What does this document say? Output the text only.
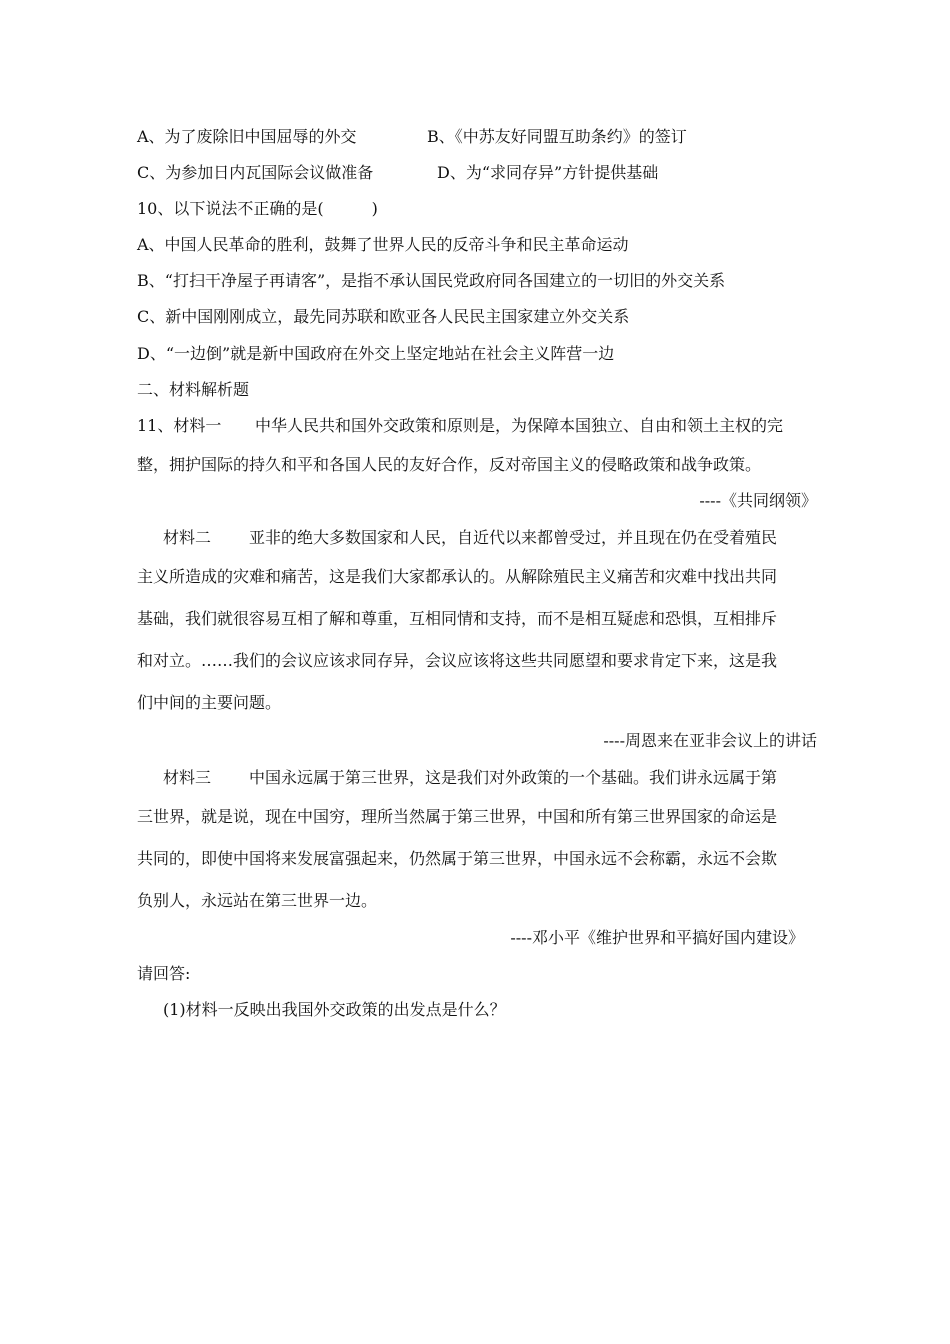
A、为了废除旧中国屈辱的外交	B、《中苏友好同盟互助条约》的签订
C、为参加日内瓦国际会议做准备	D、为“求同存异”方针提供基础
10、以下说法不正确的是(　　　)
A、中国人民革命的胜利，鼓舞了世界人民的反帝斗争和民主革命运动
B、“打扫干净屋子再请客”，是指不承认国民党政府同各国建立的一切旧的外交关系
C、新中国刚刚成立，最先同苏联和欧亚各人民民主国家建立外交关系
D、“一边倒”就是新中国政府在外交上坚定地站在社会主义阵营一边
二、材料解析题
11、材料一	中华人民共和国外交政策和原则是，为保障本国独立、自由和领土主权的完
整，拥护国际的持久和平和各国人民的友好合作，反对帝国主义的侵略政策和战争政策。
----《共同纲领》
材料二	亚非的绝大多数国家和人民，自近代以来都曾受过，并且现在仍在受着殖民
主义所造成的灾难和痛苦，这是我们大家都承认的。从解除殖民主义痛苦和灾难中找出共同
基础，我们就很容易互相了解和尊重，互相同情和支持，而不是相互疑虑和恐惧，互相排斥
和对立。……我们的会议应该求同存异，会议应该将这些共同愿望和要求肯定下来，这是我
们中间的主要问题。
----周恩来在亚非会议上的讲话
材料三	中国永远属于第三世界，这是我们对外政策的一个基础。我们讲永远属于第
三世界，就是说，现在中国穷，理所当然属于第三世界，中国和所有第三世界国家的命运是
共同的，即使中国将来发展富强起来，仍然属于第三世界，中国永远不会称霸，永远不会欺
负别人，永远站在第三世界一边。
----邓小平《维护世界和平搞好国内建设》
请回答:
(1)材料一反映出我国外交政策的出发点是什么？
